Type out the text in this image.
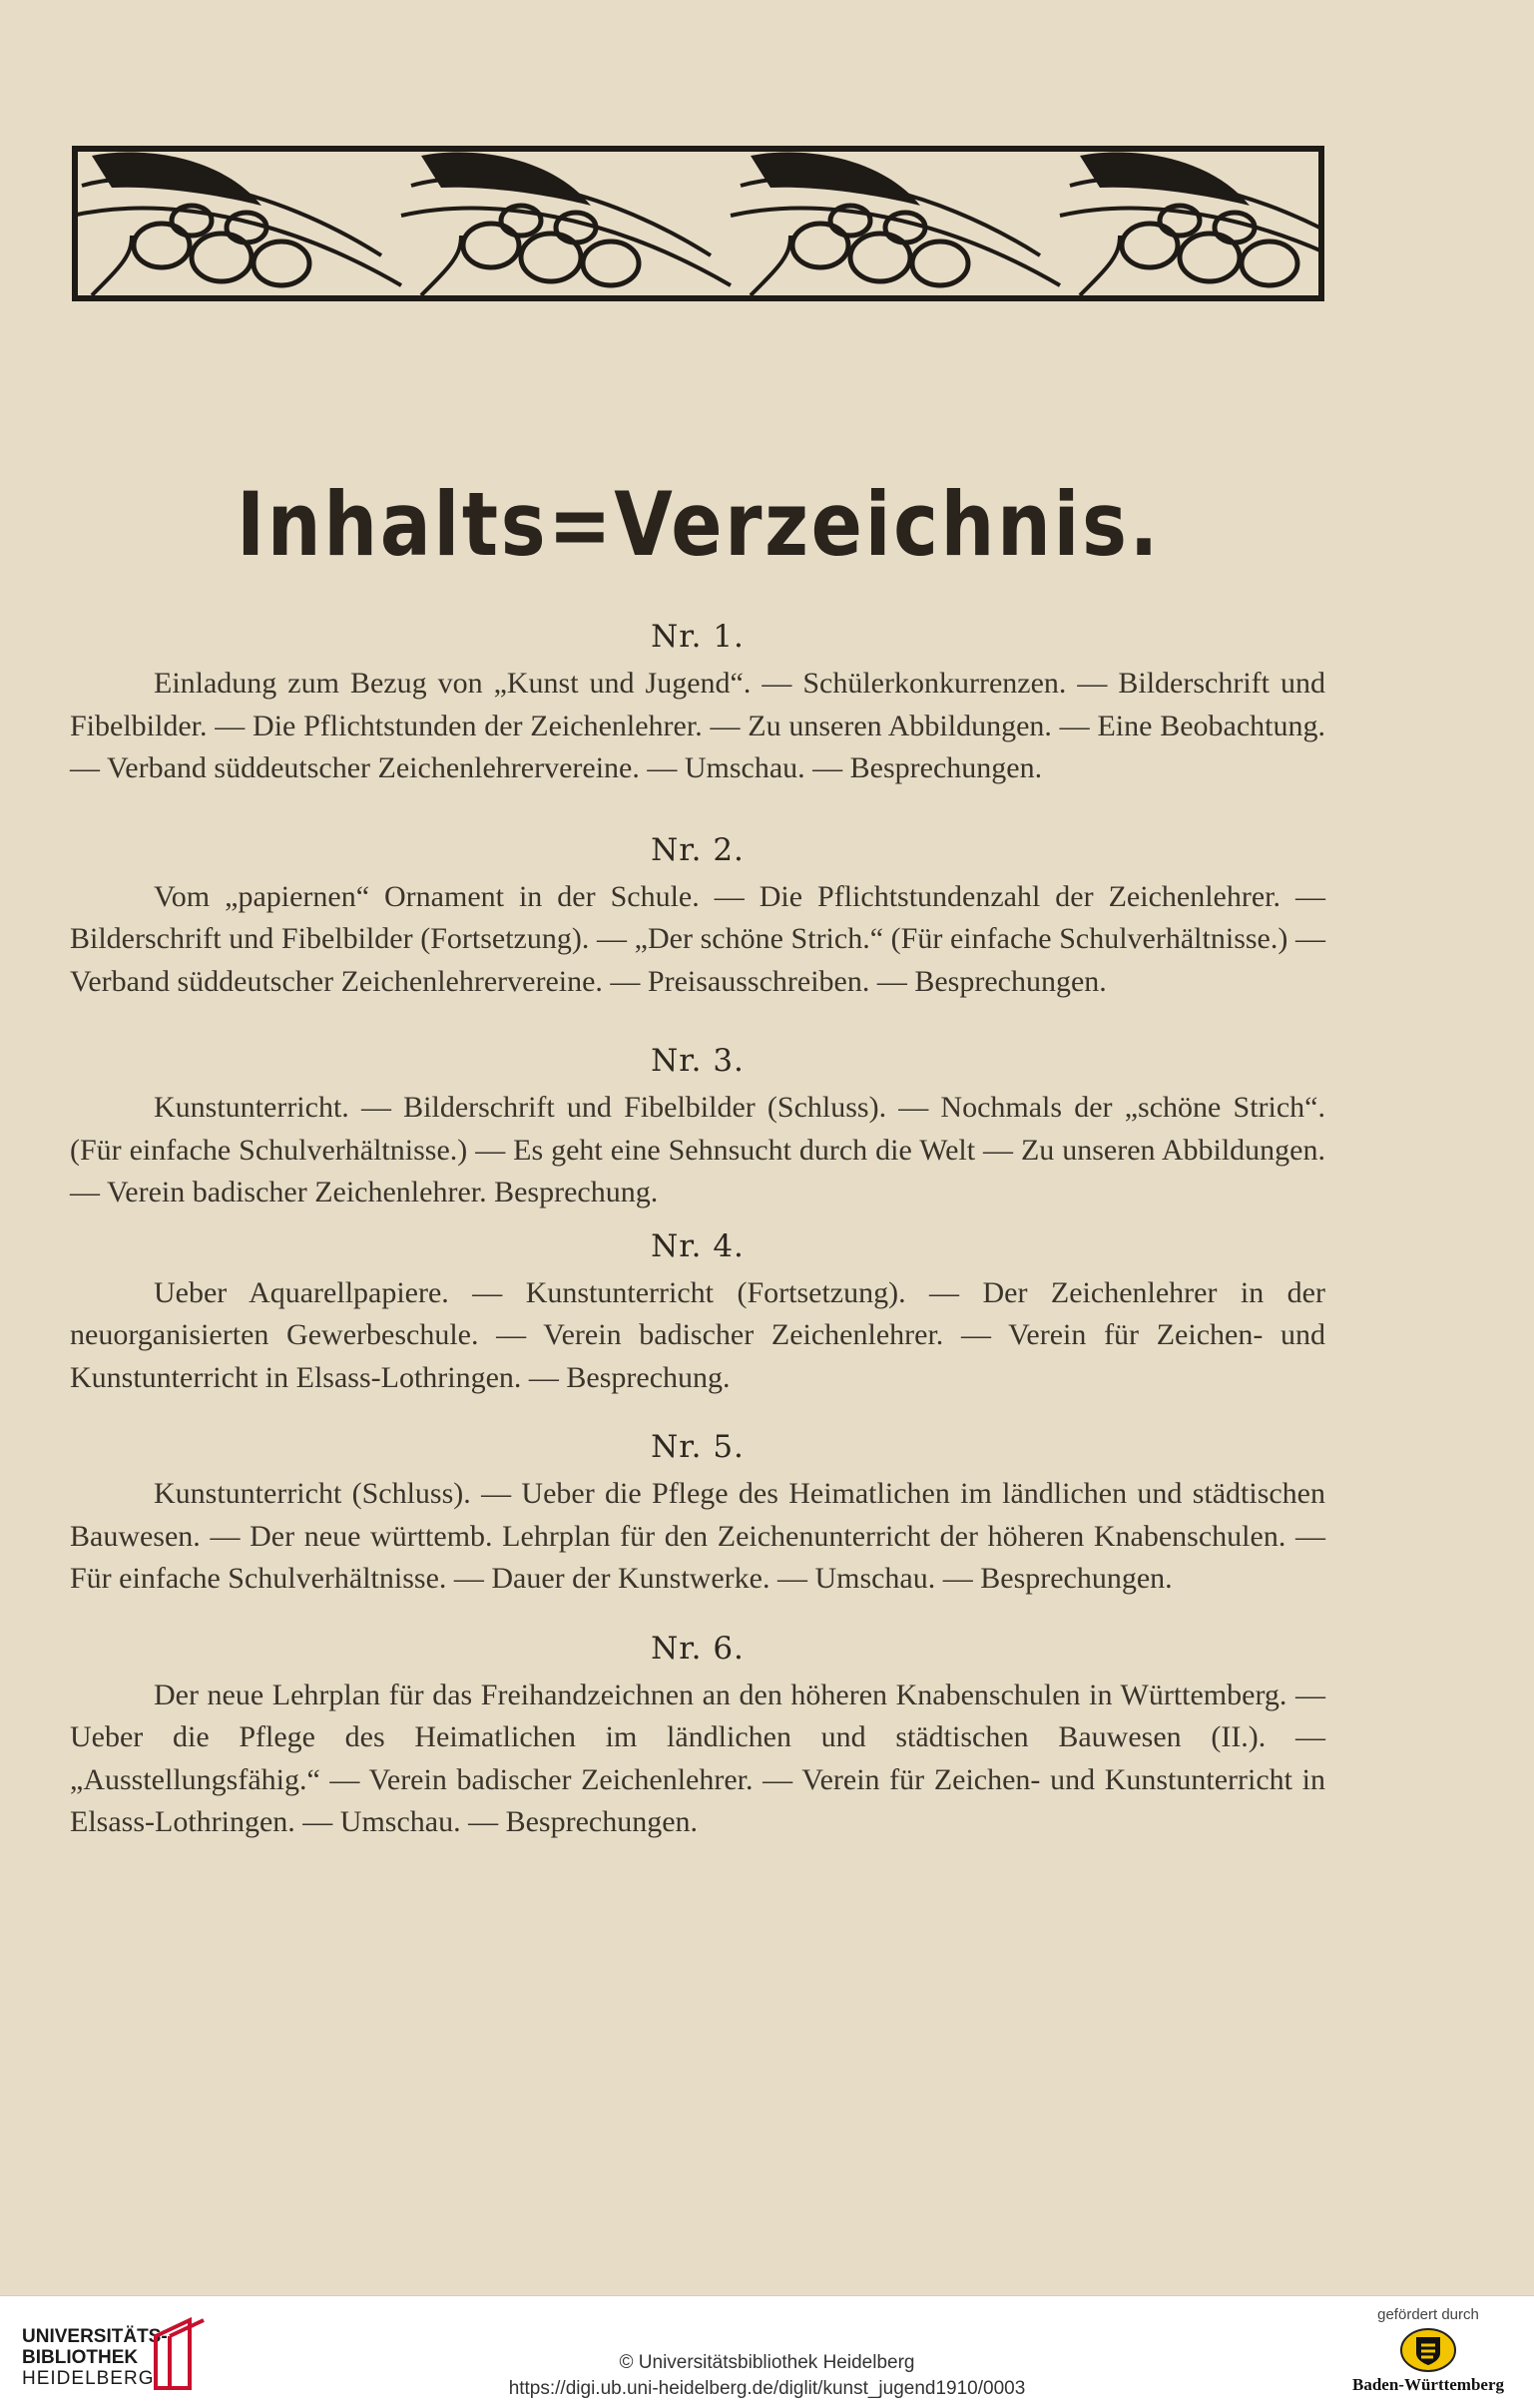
Inhalts=Verzeichnis.

Nr. 1.

Einladung zum Bezug von „Kunst und Jugend“. — Schülerkonkurrenzen. — Bilderschrift und Fibelbilder. — Die Pflichtstunden der Zeichenlehrer. — Zu unseren Abbildungen. — Eine Beobachtung. — Verband süddeutscher Zeichenlehrervereine. — Umschau. — Besprechungen.

Nr. 2.

Vom „papiernen“ Ornament in der Schule. — Die Pflichtstundenzahl der Zeichenlehrer. — Bilderschrift und Fibelbilder (Fortsetzung). — „Der schöne Strich.“ (Für einfache Schulverhältnisse.) — Verband süddeutscher Zeichenlehrervereine. — Preisausschreiben. — Besprechungen.

Nr. 3.

Kunstunterricht. — Bilderschrift und Fibelbilder (Schluss). — Nochmals der „schöne Strich“. (Für einfache Schulverhältnisse.) — Es geht eine Sehnsucht durch die Welt — Zu unseren Abbildungen. — Verein badischer Zeichenlehrer. Besprechung.

Nr. 4.

Ueber Aquarellpapiere. — Kunstunterricht (Fortsetzung). — Der Zeichenlehrer in der neuorganisierten Gewerbeschule. — Verein badischer Zeichenlehrer. — Verein für Zeichen- und Kunstunterricht in Elsass-Lothringen. — Besprechung.

Nr. 5.

Kunstunterricht (Schluss). — Ueber die Pflege des Heimatlichen im ländlichen und städtischen Bauwesen. — Der neue württemb. Lehrplan für den Zeichenunterricht der höheren Knabenschulen. — Für einfache Schulverhältnisse. — Dauer der Kunstwerke. — Umschau. — Besprechungen.

Nr. 6.

Der neue Lehrplan für das Freihandzeichnen an den höheren Knabenschulen in Württemberg. — Ueber die Pflege des Heimatlichen im ländlichen und städtischen Bauwesen (II.). — „Ausstellungsfähig.“ — Verein badischer Zeichenlehrer. — Verein für Zeichen- und Kunstunterricht in Elsass-Lothringen. — Umschau. — Besprechungen.

UNIVERSITÄTS-
BIBLIOTHEK
HEIDELBERG
© Universitätsbibliothek Heidelberg
https://digi.ub.uni-heidelberg.de/diglit/kunst_jugend1910/0003
gefördert durch
Baden-Württemberg
